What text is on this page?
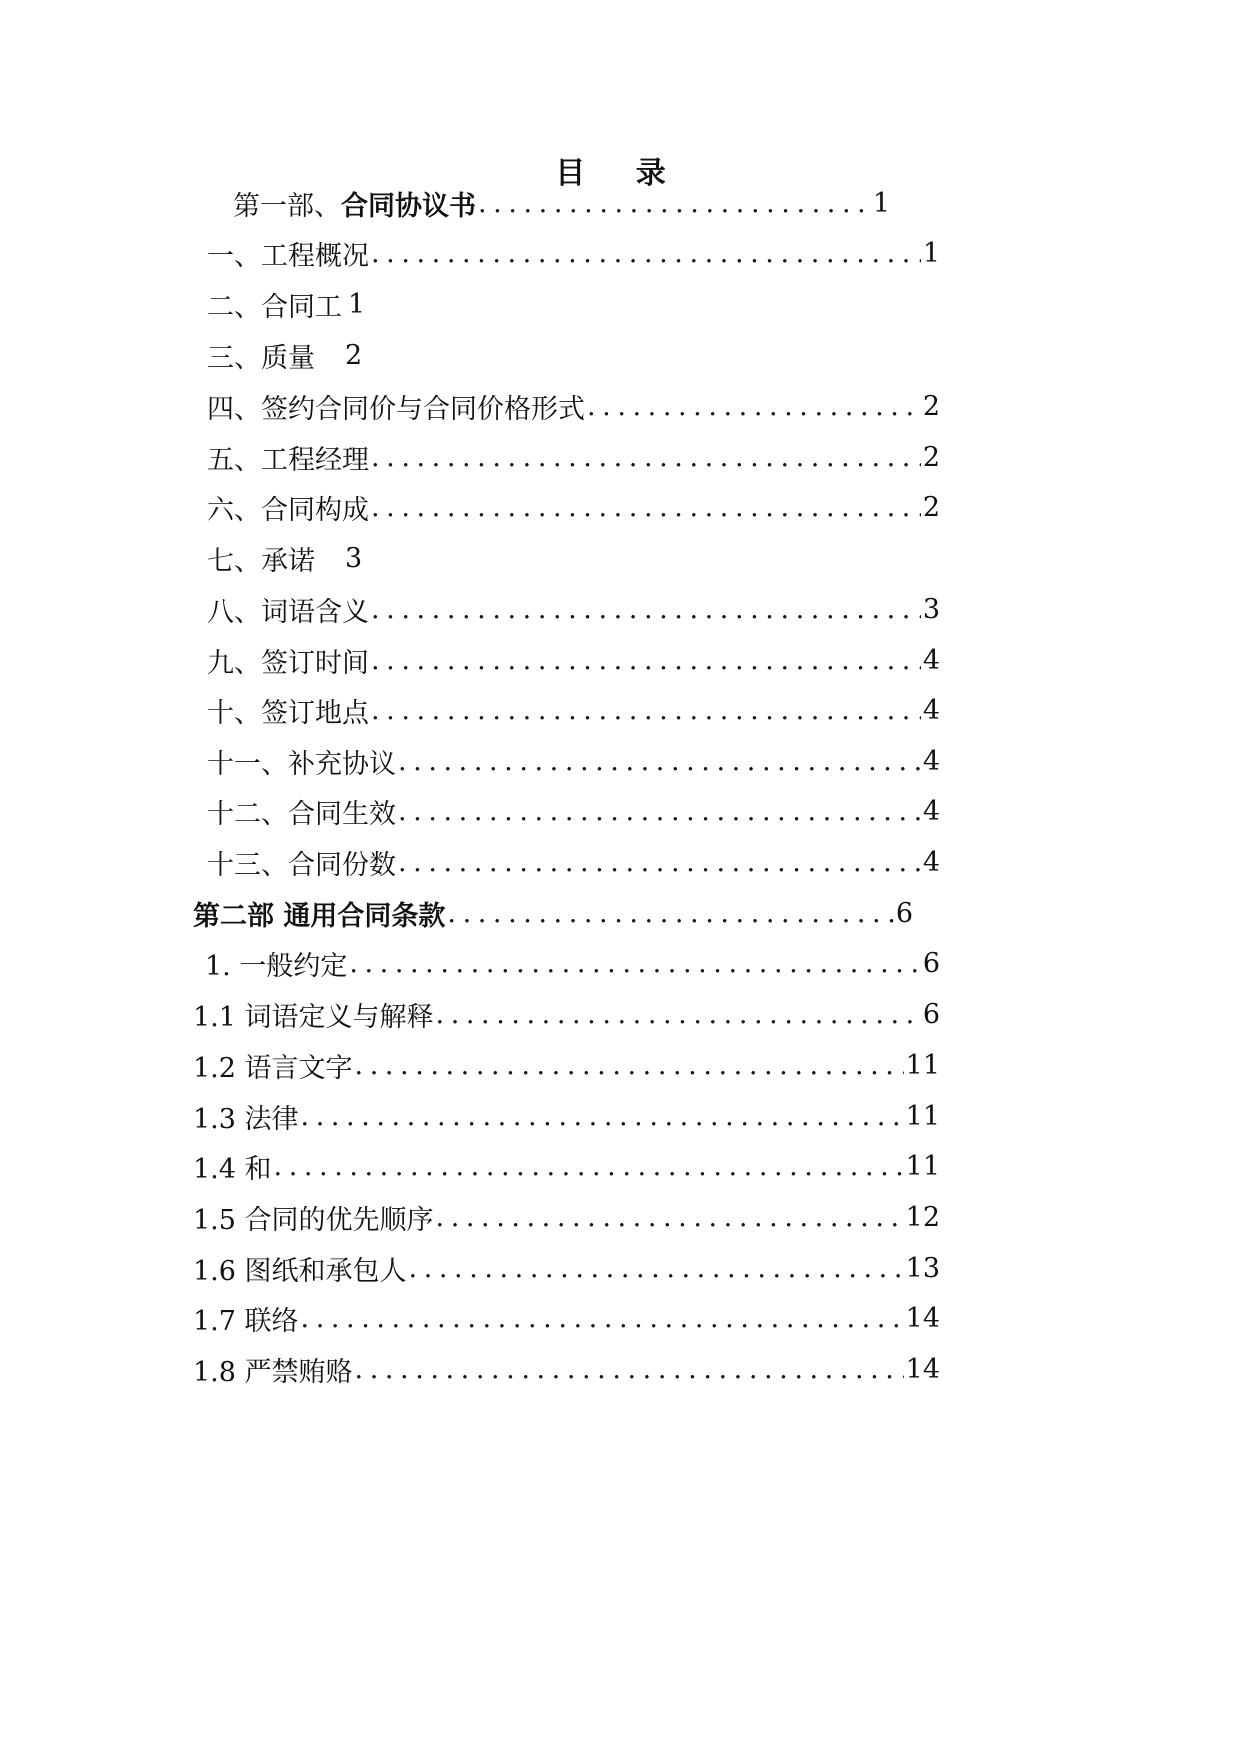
目 录
第一部、合同协议书 . . .	1
一、工程概况 . . .	1
二、合同工 1
三、质量 2
四、签约合同价与合同价格形式 . . .	2
五、工程经理 . . .	2
六、合同构成 . . .	2
七、承诺 3
八、词语含义 . . .	3
九、签订时间 . . .	4
十、签订地点 . . .	4
十一、补充协议 . . .	4
十二、合同生效 . . .	4
十三、合同份数 . . .	4
第二部 通用合同条款 . . .	6
1. 一般约定 . . .	6
1.1 词语定义与解释 . . .	6
1.2 语言文字 . . .	11
1.3 法律 . . .	11
1.4 和 . . .	11
1.5 合同的优先顺序 . . .	12
1.6 图纸和承包人 . . .	13
1.7 联络 . . .	14
1.8 严禁贿赂 . . .	14
